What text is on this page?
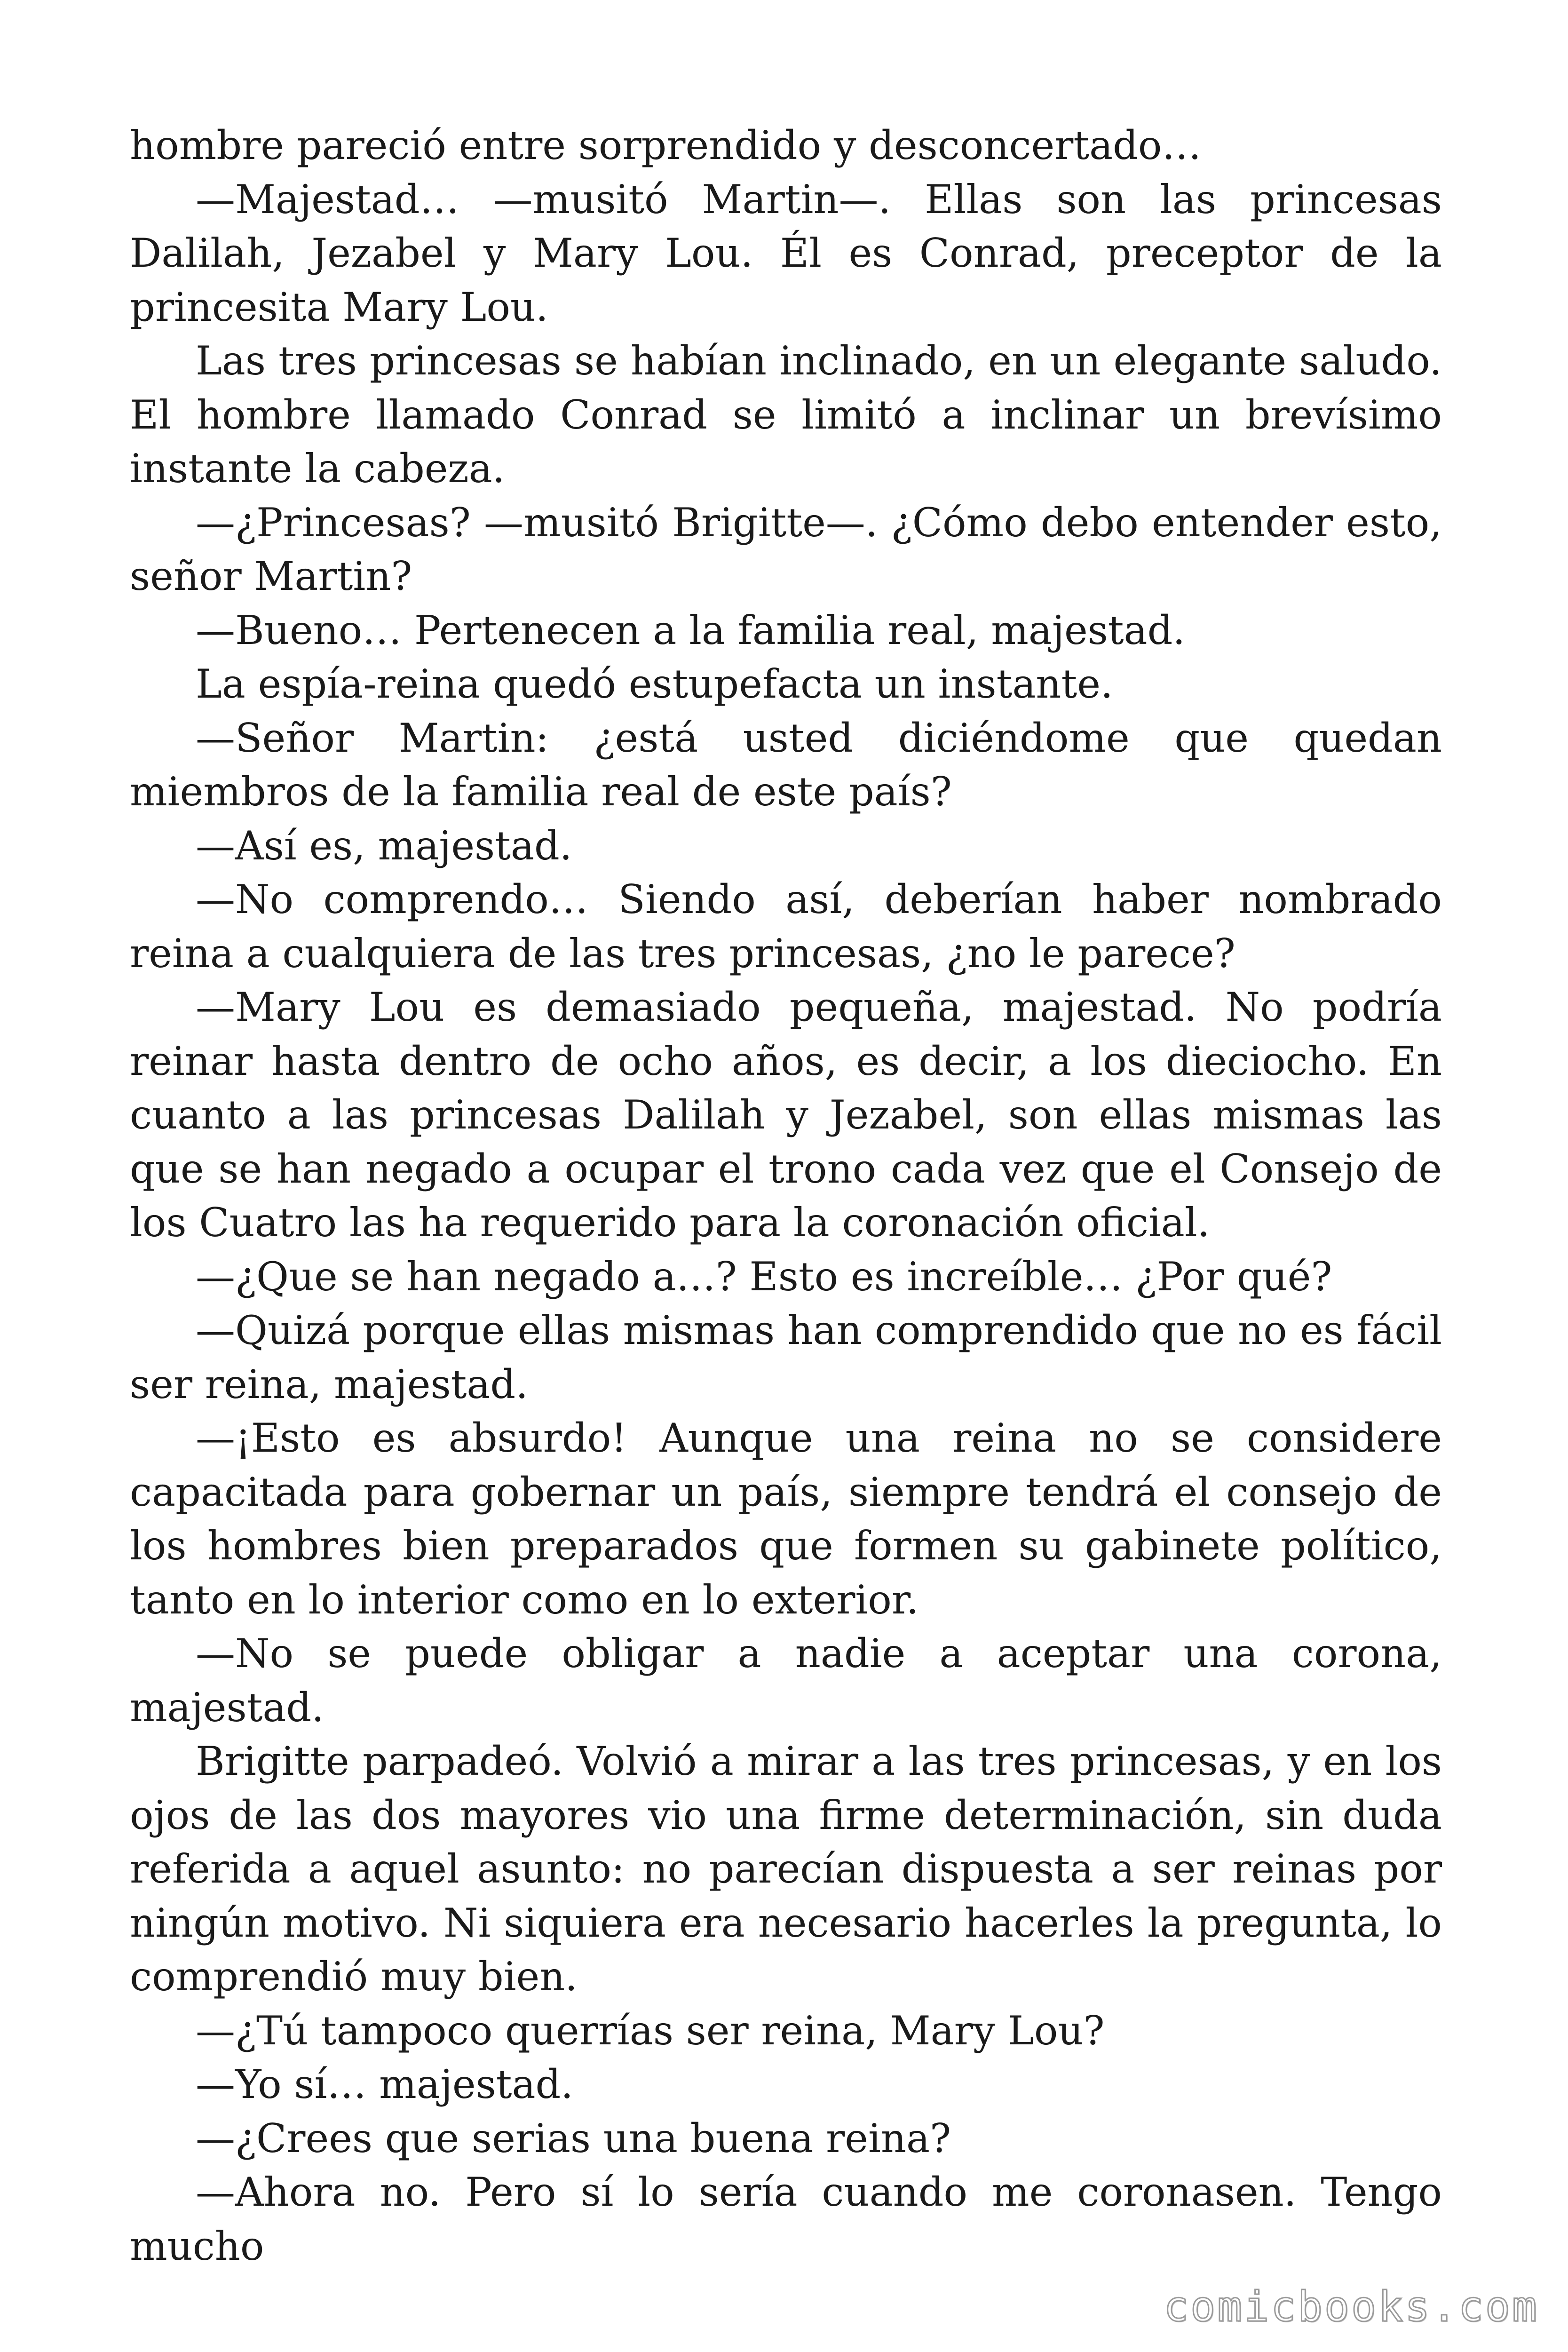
hombre pareció entre sorprendido y desconcertado…

—Majestad… —musitó Martin—. Ellas son las princesas Dalilah, Jezabel y Mary Lou. Él es Conrad, preceptor de la princesita Mary Lou.

Las tres princesas se habían inclinado, en un elegante saludo. El hombre llamado Conrad se limitó a inclinar un brevísimo instante la cabeza.

—¿Princesas? —musitó Brigitte—. ¿Cómo debo entender esto, señor Martin?

—Bueno… Pertenecen a la familia real, majestad.

La espía-reina quedó estupefacta un instante.

—Señor Martin: ¿está usted diciéndome que quedan miembros de la familia real de este país?

—Así es, majestad.

—No comprendo… Siendo así, deberían haber nombrado reina a cualquiera de las tres princesas, ¿no le parece?

—Mary Lou es demasiado pequeña, majestad. No podría reinar hasta dentro de ocho años, es decir, a los dieciocho. En cuanto a las princesas Dalilah y Jezabel, son ellas mismas las que se han negado a ocupar el trono cada vez que el Consejo de los Cuatro las ha requerido para la coronación oficial.

—¿Que se han negado a…? Esto es increíble… ¿Por qué?

—Quizá porque ellas mismas han comprendido que no es fácil ser reina, majestad.

—¡Esto es absurdo! Aunque una reina no se considere capacitada para gobernar un país, siempre tendrá el consejo de los hombres bien preparados que formen su gabinete político, tanto en lo interior como en lo exterior.

—No se puede obligar a nadie a aceptar una corona, majestad.

Brigitte parpadeó. Volvió a mirar a las tres princesas, y en los ojos de las dos mayores vio una firme determinación, sin duda referida a aquel asunto: no parecían dispuesta a ser reinas por ningún motivo. Ni siquiera era necesario hacerles la pregunta, lo comprendió muy bien.

—¿Tú tampoco querrías ser reina, Mary Lou?

—Yo sí… majestad.

—¿Crees que serias una buena reina?

—Ahora no. Pero sí lo sería cuando me coronasen. Tengo mucho

comicbooks.com
